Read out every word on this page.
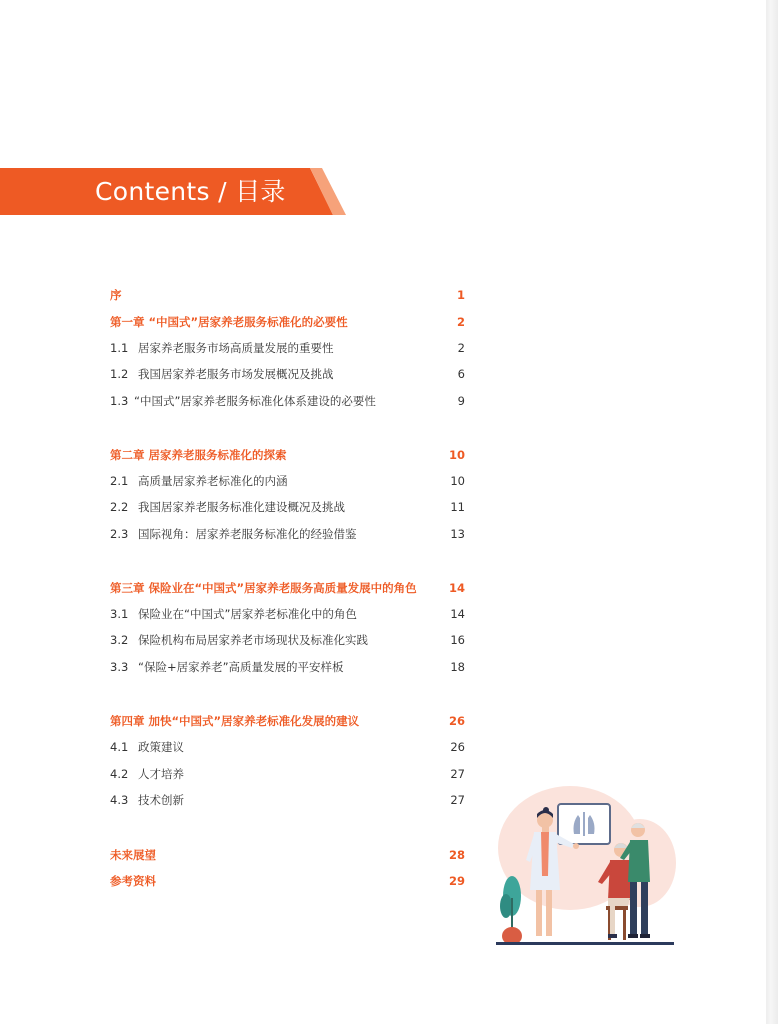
Contents / 目录
序	1
第一章 “中国式”居家养老服务标准化的必要性	2
1.1 居家养老服务市场高质量发展的重要性	2
1.2 我国居家养老服务市场发展概况及挑战	6
1.3 “中国式”居家养老服务标准化体系建设的必要性	9
第二章 居家养老服务标准化的探索	10
2.1 高质量居家养老标准化的内涵	10
2.2 我国居家养老服务标准化建设概况及挑战	11
2.3 国际视角：居家养老服务标准化的经验借鉴	13
第三章 保险业在“中国式”居家养老服务高质量发展中的角色	14
3.1 保险业在“中国式”居家养老标准化中的角色	14
3.2 保险机构布局居家养老市场现状及标准化实践	16
3.3 “保险+居家养老”高质量发展的平安样板	18
第四章 加快“中国式”居家养老标准化发展的建议	26
4.1 政策建议	26
4.2 人才培养	27
4.3 技术创新	27
未来展望	28
参考资料	29
